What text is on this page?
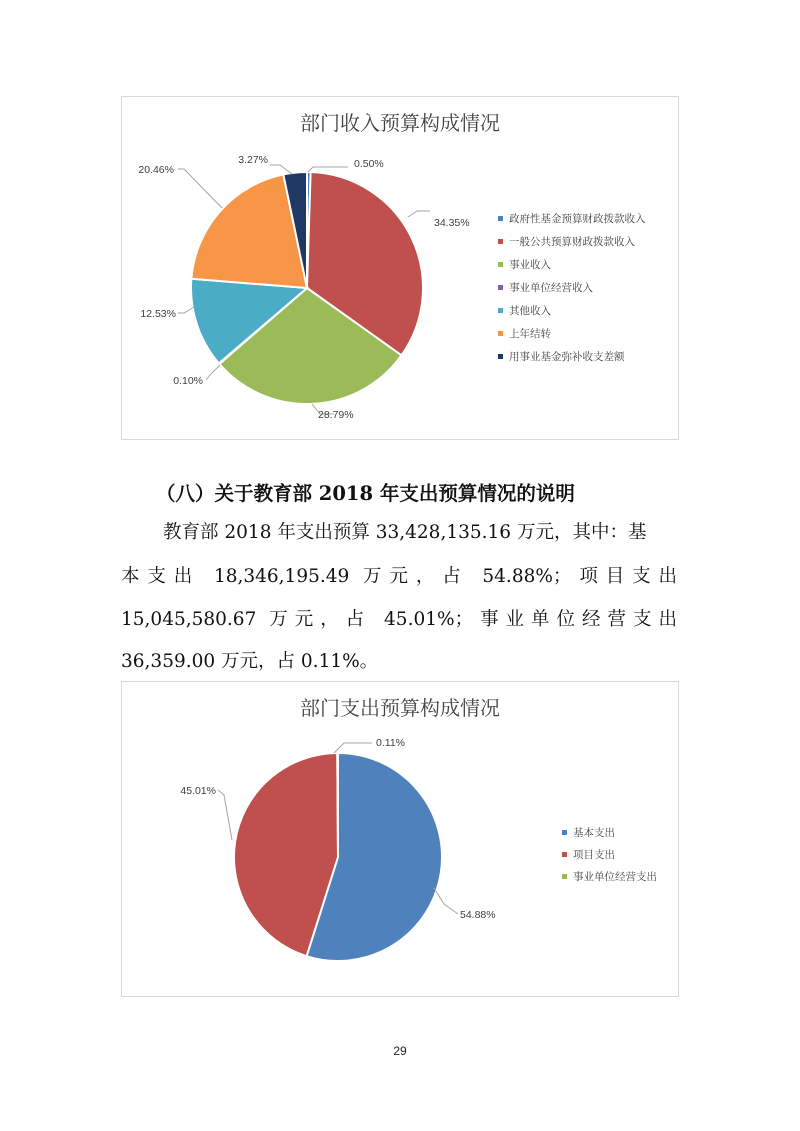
部门收入预算构成情况
0.50%
34.35%
28.79%
0.10%
12.53%
20.46%
3.27%
政府性基金预算财政拨款收入
一般公共预算财政拨款收入
事业收入
事业单位经营收入
其他收入
上年结转
用事业基金弥补收支差额
（八）关于教育部 2018 年支出预算情况的说明
教育部 2018 年支出预算 33,428,135.16 万元，其中：基
本支出 18,346,195.49 万元，占 54.88%；项目支出
15,045,580.67 万元，占 45.01%；事业单位经营支出
36,359.00 万元，占 0.11%。
部门支出预算构成情况
54.88%
45.01%
0.11%
基本支出
项目支出
事业单位经营支出
29
